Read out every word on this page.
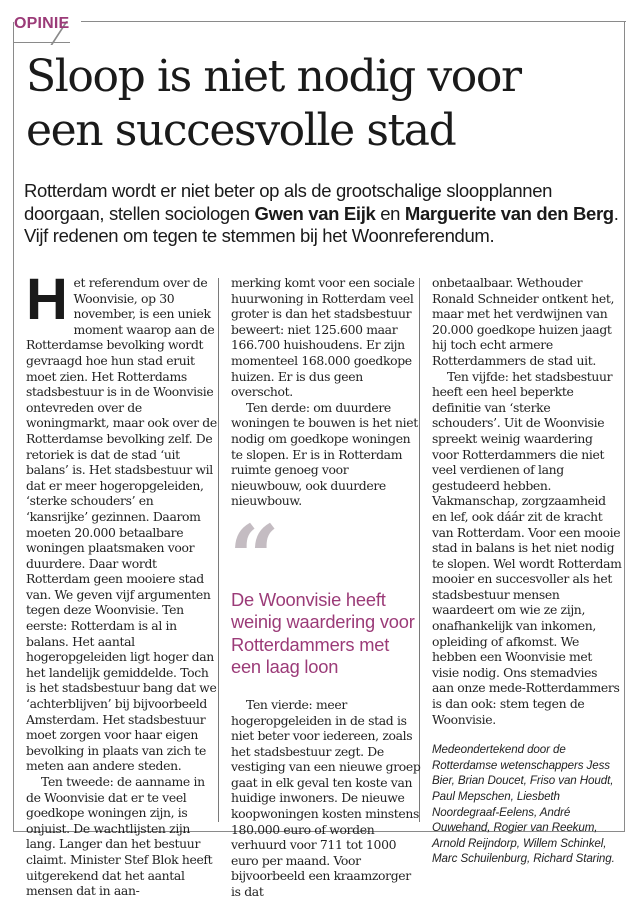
OPINIE
Sloop is niet nodig voor
een succesvolle stad

Rotterdam wordt er niet beter op als de grootschalige sloopplannen doorgaan, stellen sociologen Gwen van Eijk en Marguerite van den Berg. Vijf redenen om tegen te stemmen bij het Woonreferendum.

Het referendum over de Woonvisie, op 30 november, is een uniek moment waarop aan de Rotterdamse bevolking wordt gevraagd hoe hun stad eruit moet zien. Het Rotterdams stadsbestuur is in de Woonvisie ontevreden over de woningmarkt, maar ook over de Rotterdamse bevolking zelf. De retoriek is dat de stad ‘uit balans’ is. Het stadsbestuur wil dat er meer hogeropgeleiden, ‘sterke schouders’ en ‘kansrijke’ gezinnen. Daarom moeten 20.000 betaalbare woningen plaatsmaken voor duurdere. Daar wordt Rotterdam geen mooiere stad van. We geven vijf argumenten tegen deze Woonvisie. Ten eerste: Rotterdam is al in balans. Het aantal hogeropgeleiden ligt hoger dan het landelijk gemiddelde. Toch is het stadsbestuur bang dat we ‘achterblijven’ bij bijvoorbeeld Amsterdam. Het stadsbestuur moet zorgen voor haar eigen bevolking in plaats van zich te meten aan andere steden.

Ten tweede: de aanname in de Woonvisie dat er te veel goedkope woningen zijn, is onjuist. De wachtlijsten zijn lang. Langer dan het bestuur claimt. Minister Stef Blok heeft uitgerekend dat het aantal mensen dat in aan-

merking komt voor een sociale huurwoning in Rotterdam veel groter is dan het stadsbestuur beweert: niet 125.600 maar 166.700 huishoudens. Er zijn momenteel 168.000 goedkope huizen. Er is dus geen overschot.

Ten derde: om duurdere woningen te bouwen is het niet nodig om goedkope woningen te slopen. Er is in Rotterdam ruimte genoeg voor nieuwbouw, ook duurdere nieuwbouw.

“
De Woonvisie heeft weinig waardering voor Rotterdammers met een laag loon

Ten vierde: meer hogeropgeleiden in de stad is niet beter voor iedereen, zoals het stadsbestuur zegt. De vestiging van een nieuwe groep gaat in elk geval ten koste van huidige inwoners. De nieuwe koopwoningen kosten minstens 180.000 euro of worden verhuurd voor 711 tot 1000 euro per maand. Voor bijvoorbeeld een kraamzorger is dat

onbetaalbaar. Wethouder Ronald Schneider ontkent het, maar met het verdwijnen van 20.000 goedkope huizen jaagt hij toch echt armere Rotterdammers de stad uit.

Ten vijfde: het stadsbestuur heeft een heel beperkte definitie van ‘sterke schouders’. Uit de Woonvisie spreekt weinig waardering voor Rotterdammers die niet veel verdienen of lang gestudeerd hebben. Vakmanschap, zorgzaamheid en lef, ook dáár zit de kracht van Rotterdam. Voor een mooie stad in balans is het niet nodig te slopen. Wel wordt Rotterdam mooier en succesvoller als het stadsbestuur mensen waardeert om wie ze zijn, onafhankelijk van inkomen, opleiding of afkomst. We hebben een Woonvisie met visie nodig. Ons stemadvies aan onze mede-Rotterdammers is dan ook: stem tegen de Woonvisie.

Medeondertekend door de Rotterdamse wetenschappers Jess Bier, Brian Doucet, Friso van Houdt, Paul Mepschen, Liesbeth Noordegraaf-Eelens, André Ouwehand, Rogier van Reekum, Arnold Reijndorp, Willem Schinkel, Marc Schuilenburg, Richard Staring.
